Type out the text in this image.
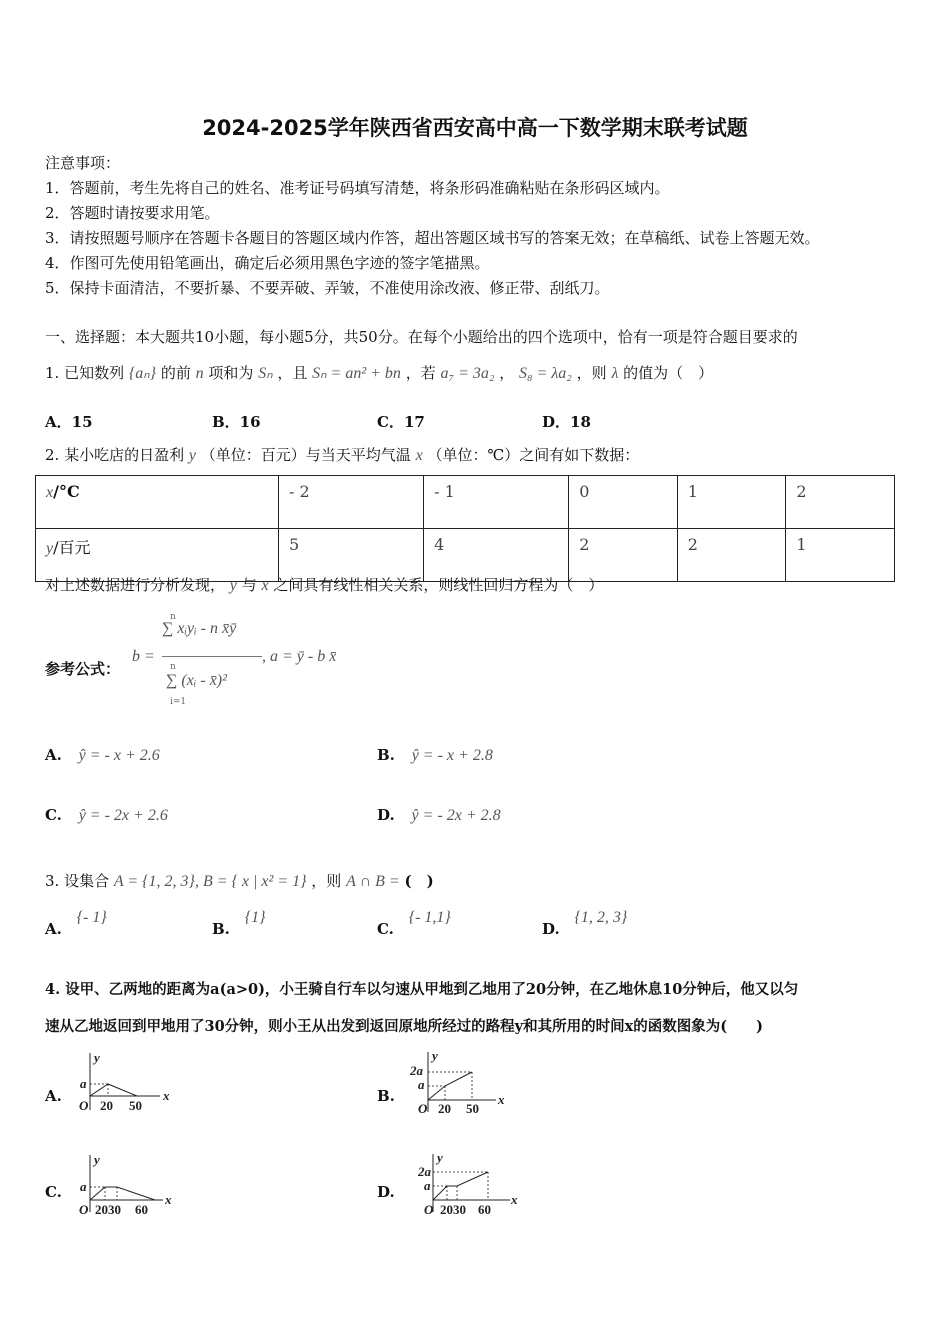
2024-2025学年陕西省西安高中高一下数学期末联考试题
注意事项：
1．答题前，考生先将自己的姓名、准考证号码填写清楚，将条形码准确粘贴在条形码区域内。
2．答题时请按要求用笔。
3．请按照题号顺序在答题卡各题目的答题区域内作答，超出答题区域书写的答案无效；在草稿纸、试卷上答题无效。
4．作图可先使用铅笔画出，确定后必须用黑色字迹的签字笔描黑。
5．保持卡面清洁，不要折暴、不要弄破、弄皱，不准使用涂改液、修正带、刮纸刀。
一、选择题：本大题共10小题，每小题5分，共50分。在每个小题给出的四个选项中，恰有一项是符合题目要求的
1. 已知数列 {aₙ} 的前 n 项和为 Sₙ ，且 Sₙ = an² + bn ，若 a₇ = 3a₂ ， S₈ = λa₂ ，则 λ 的值为（　）
A．15	B．16	C．17	D．18
2. 某小吃店的日盈利 y （单位：百元）与当天平均气温 x （单位：℃）之间有如下数据：
x/°C	- 2	- 1	0	1	2
y/百元	5	4	2	2	1
对上述数据进行分析发现， y 与 x 之间具有线性相关关系，则线性回归方程为（　）
参考公式：
b =
n
∑ xᵢyᵢ - n x̄ȳ
n
∑ (xᵢ - x̄)²
i=1
, a = ȳ - b x̄
A. ŷ = - x + 2.6	B. ŷ = - x + 2.8
C. ŷ = - 2x + 2.6	D. ŷ = - 2x + 2.8
3. 设集合 A = {1, 2, 3}, B = { x | x² = 1} ，则 A ∩ B = (　)
A. {- 1}
B. {1}
C. {- 1,1}
D. {1, 2, 3}
4. 设甲、乙两地的距离为a(a>0)，小王骑自行车以匀速从甲地到乙地用了20分钟，在乙地休息10分钟后，他又以匀
速从乙地返回到甲地用了30分钟，则小王从出发到返回原地所经过的路程y和其所用的时间x的函数图象为(　　)
A.
y
x
O
a
20 50
B.
y
x
O
a
2a
20 50
C.
y
x
O
a
2030 60
D.
y
x
O
a
2a
2030 60
